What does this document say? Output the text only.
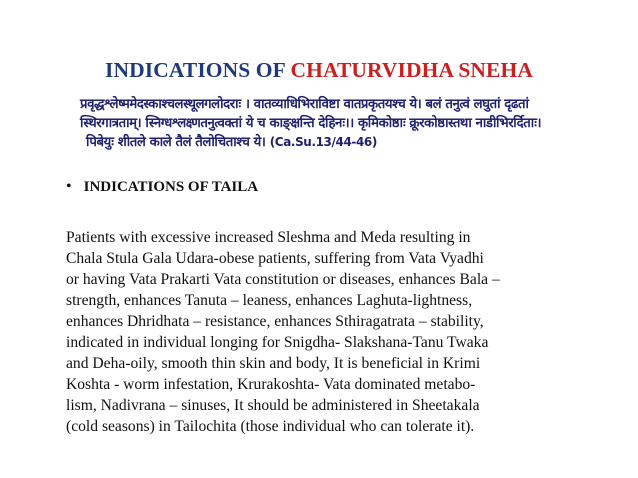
INDICATIONS OF CHATURVIDHA SNEHA
प्रवृद्धश्लेष्ममेदस्काश्चलस्थूलगलोदराः । वातव्याधिभिराविष्टा वातप्रकृतयश्च ये। बलं तनुत्वं लघुतां दृढतां
स्थिरगात्रताम्। स्निग्धश्लक्ष्णतनुत्वक्तां ये च काङ्क्षन्ति देहिनः।। कृमिकोष्ठाः क्रूरकोष्ठास्तथा नाडीभिरर्दिताः।
पिबेयुः शीतले काले तैलं तैलोचिताश्च ये। (Ca.Su.13/44-46)
• INDICATIONS OF TAILA
Patients with excessive increased Sleshma and Meda resulting in
Chala Stula Gala Udara-obese patients, suffering from Vata Vyadhi
or having Vata Prakarti Vata constitution or diseases, enhances Bala –
strength, enhances Tanuta – leaness, enhances Laghuta-lightness,
enhances Dhridhata – resistance, enhances Sthiragatrata – stability,
indicated in individual longing for Snigdha- Slakshana-Tanu Twaka
and Deha-oily, smooth thin skin and body, It is beneficial in Krimi
Koshta - worm infestation, Krurakoshta- Vata dominated metabo-
lism, Nadivrana – sinuses, It should be administered in Sheetakala
(cold seasons) in Tailochita (those individual who can tolerate it).
